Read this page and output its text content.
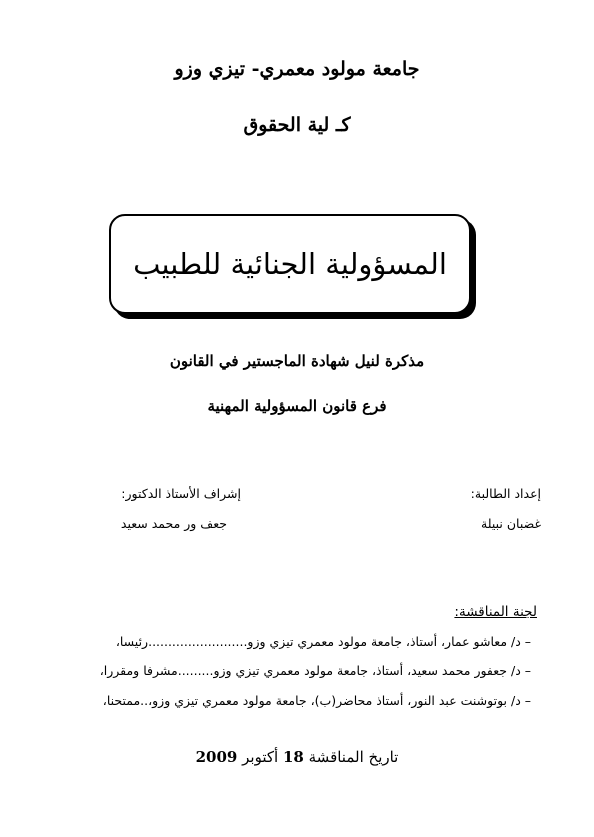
جامعة مولود معمري- تيزي وزو
كـ لية الحقوق
المسؤولية الجنائية للطبيب
مذكرة لنيل شهادة الماجستير في القانون
فرع قانون المسؤولية المهنية
إعداد الطالبة:
غضبان نبيلة
إشراف الأستاذ الدكتور:
جعف ور محمد سعيد
لجنة المناقشة:
– د/ معاشو عمار، أستاذ، جامعة مولود معمري تيزي وزو.........................رئيسا،
– د/ جعفور محمد سعيد، أستاذ، جامعة مولود معمري تيزي وزو.........مشرفا ومقررا،
– د/ بوتوشنت عبد النور، أستاذ محاضر(ب)، جامعة مولود معمري تيزي وزو،..ممتحنا،
تاريخ المناقشة 18 أكتوبر 2009
